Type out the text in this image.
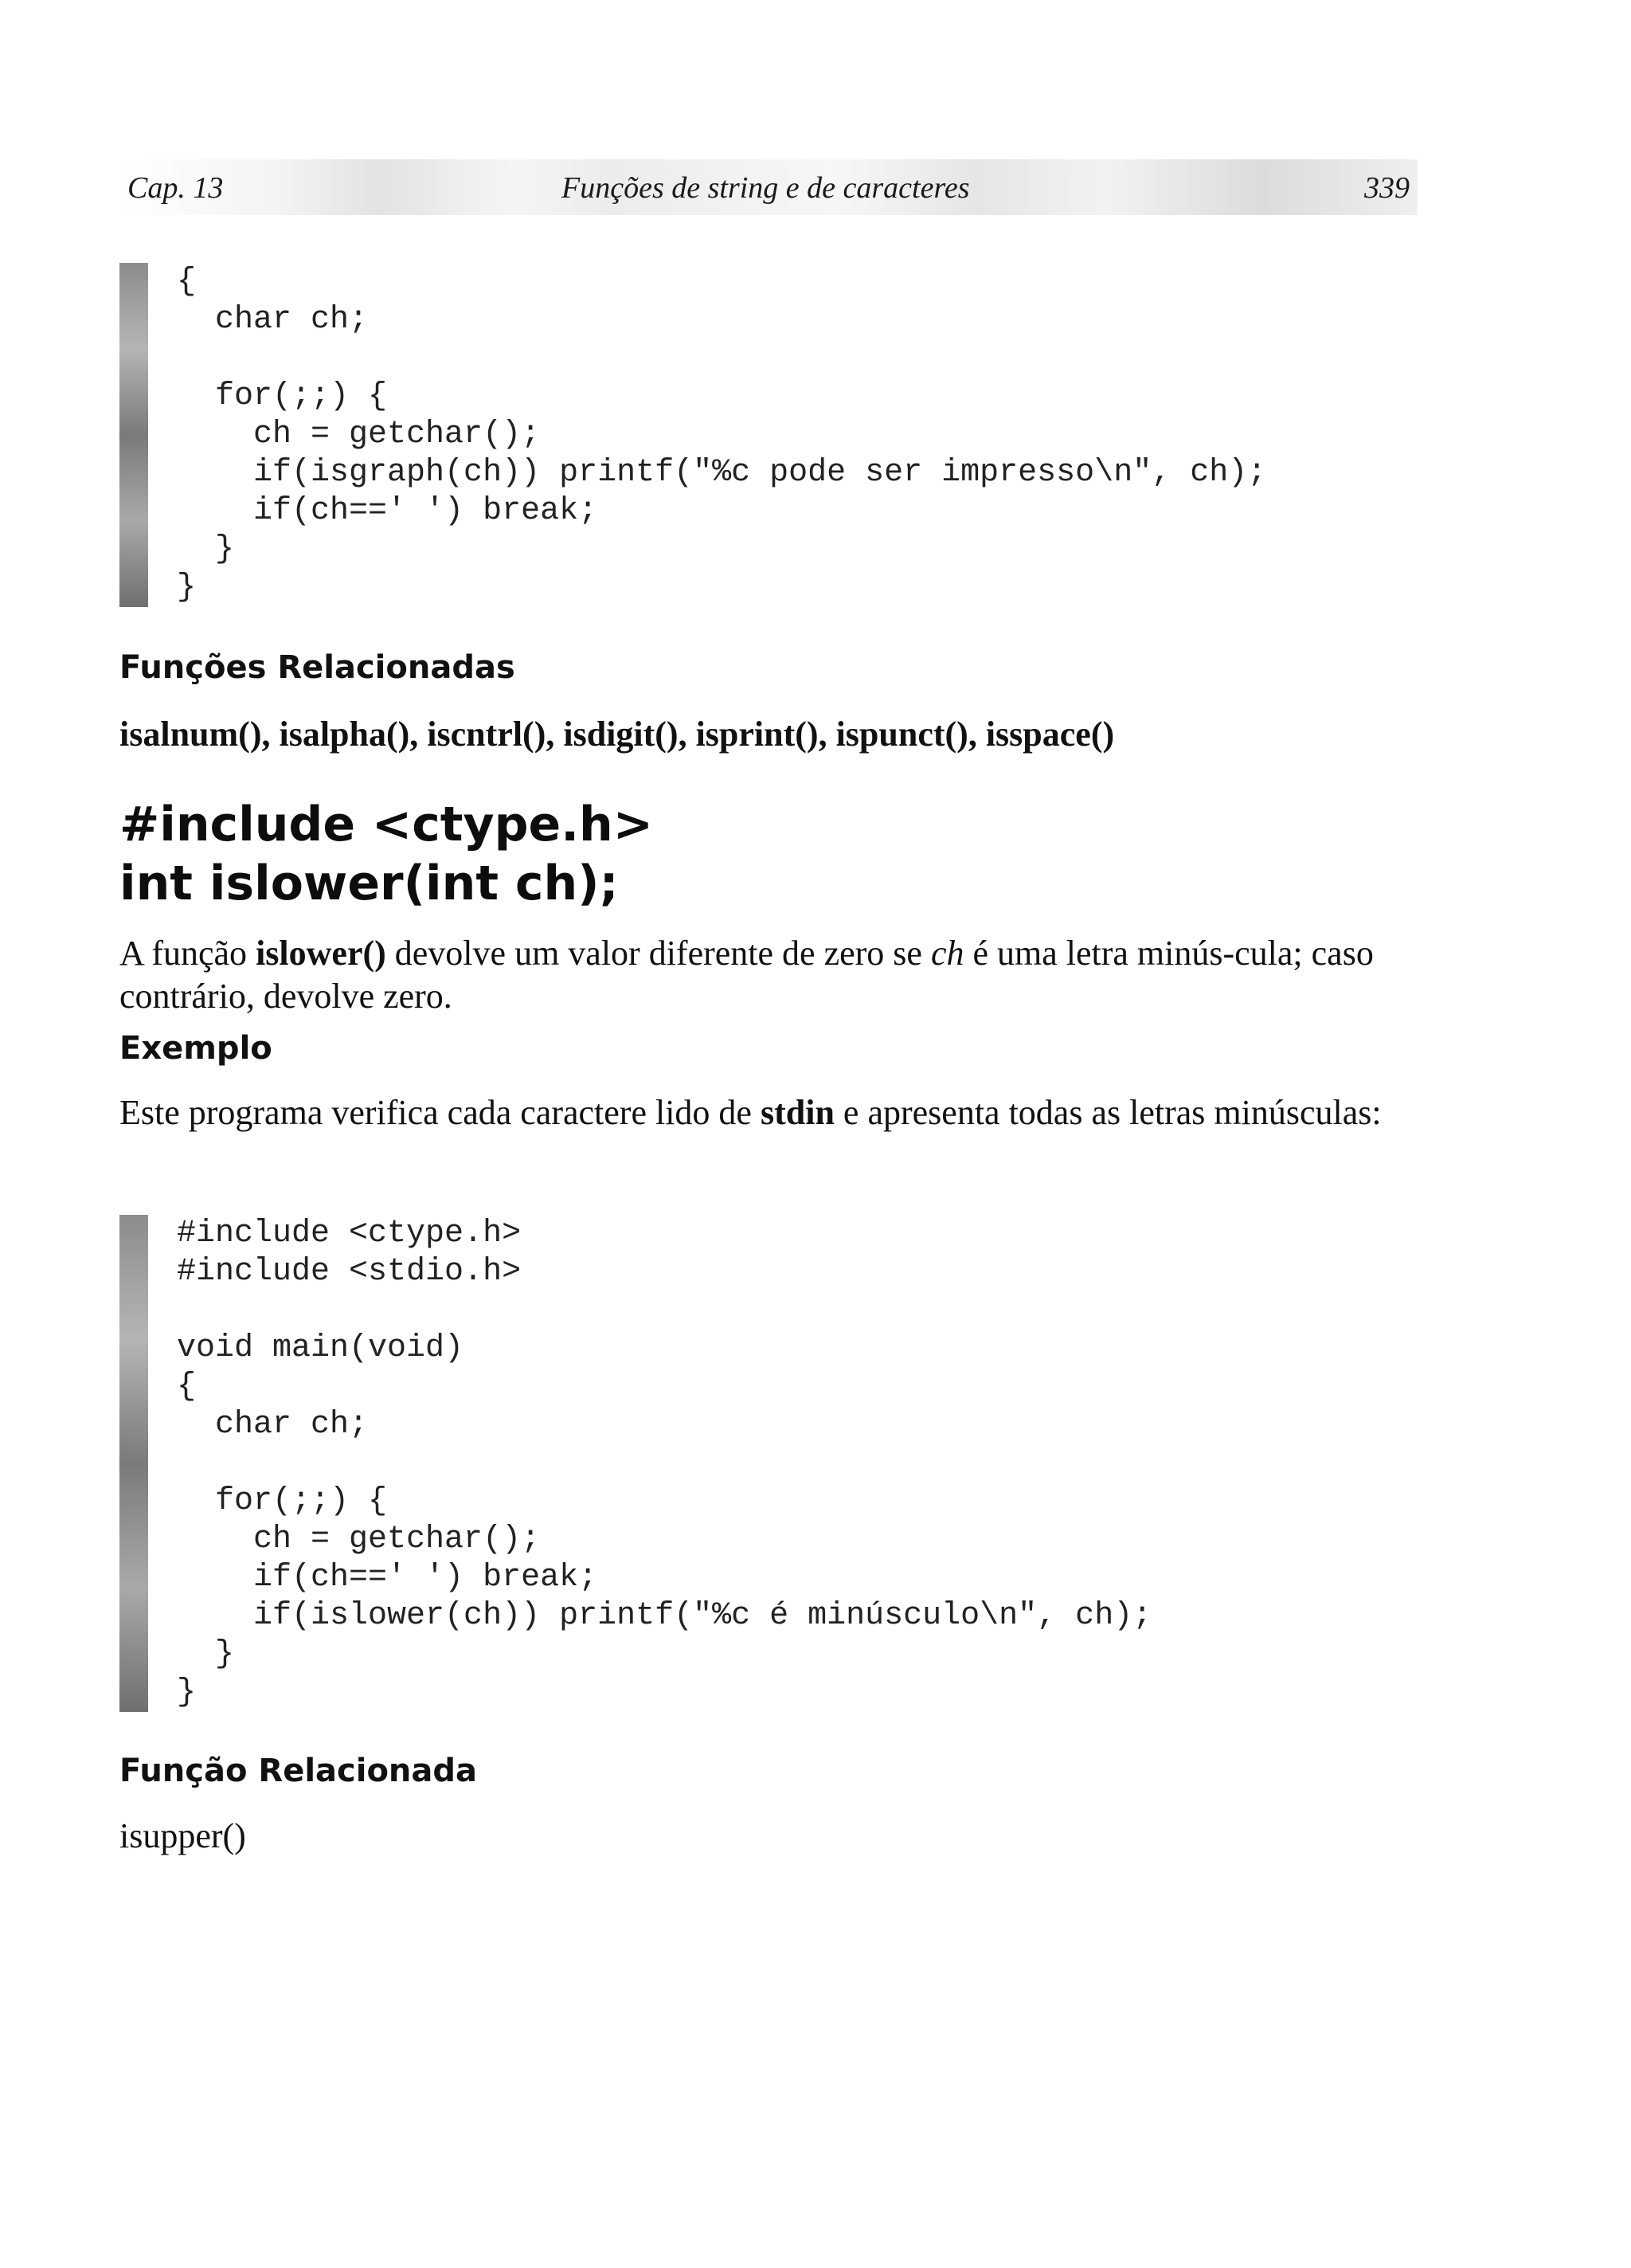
Cap. 13	Funções de string e de caracteres	339
{
char ch;
for(;;) {
ch = getchar();
if(isgraph(ch)) printf("%c pode ser impresso\n", ch);
if(ch==' ') break;
}
}
Funções Relacionadas

isalnum(), isalpha(), iscntrl(), isdigit(), isprint(), ispunct(), isspace()

#include <ctype.h>
int islower(int ch);

A função islower() devolve um valor diferente de zero se ch é uma letra minús-cula; caso contrário, devolve zero.

Exemplo

Este programa verifica cada caractere lido de stdin e apresenta todas as letras minúsculas:

#include <ctype.h>
#include <stdio.h>
void main(void)
{
char ch;
for(;;) {
ch = getchar();
if(ch==' ') break;
if(islower(ch)) printf("%c é minúsculo\n", ch);
}
}
Função Relacionada

isupper()
